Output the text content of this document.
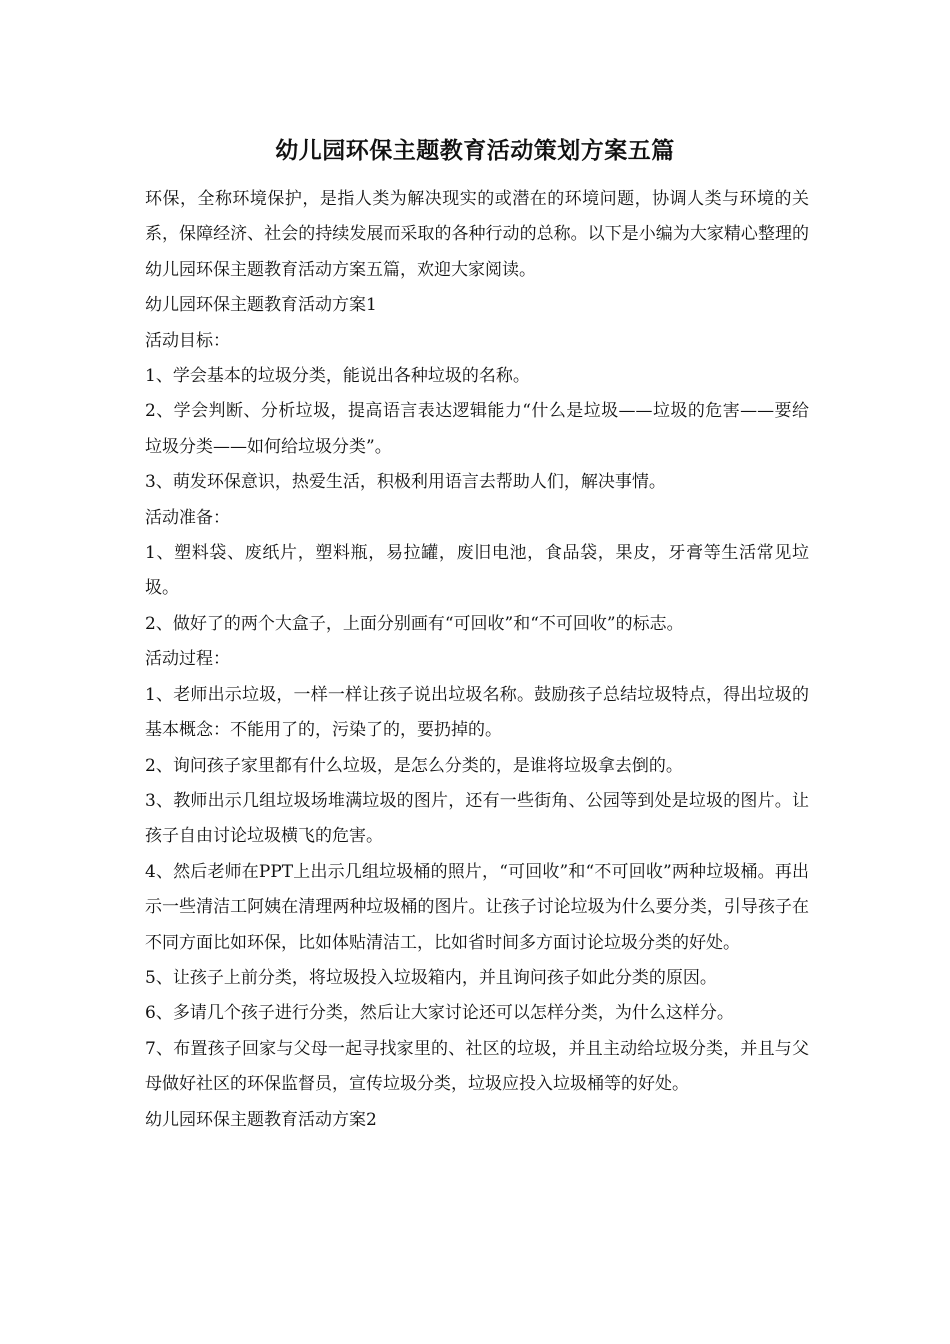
幼儿园环保主题教育活动策划方案五篇

环保，全称环境保护，是指人类为解决现实的或潜在的环境问题，协调人类与环境的关系，保障经济、社会的持续发展而采取的各种行动的总称。以下是小编为大家精心整理的幼儿园环保主题教育活动方案五篇，欢迎大家阅读。

幼儿园环保主题教育活动方案1

活动目标：

1、学会基本的垃圾分类，能说出各种垃圾的名称。

2、学会判断、分析垃圾，提高语言表达逻辑能力“什么是垃圾——垃圾的危害——要给垃圾分类——如何给垃圾分类”。

3、萌发环保意识，热爱生活，积极利用语言去帮助人们，解决事情。

活动准备：

1、塑料袋、废纸片，塑料瓶，易拉罐，废旧电池，食品袋，果皮，牙膏等生活常见垃圾。

2、做好了的两个大盒子，上面分别画有“可回收”和“不可回收”的标志。

活动过程：

1、老师出示垃圾，一样一样让孩子说出垃圾名称。鼓励孩子总结垃圾特点，得出垃圾的基本概念：不能用了的，污染了的，要扔掉的。

2、询问孩子家里都有什么垃圾，是怎么分类的，是谁将垃圾拿去倒的。

3、教师出示几组垃圾场堆满垃圾的图片，还有一些街角、公园等到处是垃圾的图片。让孩子自由讨论垃圾横飞的危害。

4、然后老师在PPT上出示几组垃圾桶的照片，“可回收”和“不可回收”两种垃圾桶。再出示一些清洁工阿姨在清理两种垃圾桶的图片。让孩子讨论垃圾为什么要分类，引导孩子在不同方面比如环保，比如体贴清洁工，比如省时间多方面讨论垃圾分类的好处。

5、让孩子上前分类，将垃圾投入垃圾箱内，并且询问孩子如此分类的原因。

6、多请几个孩子进行分类，然后让大家讨论还可以怎样分类，为什么这样分。

7、布置孩子回家与父母一起寻找家里的、社区的垃圾，并且主动给垃圾分类，并且与父母做好社区的环保监督员，宣传垃圾分类，垃圾应投入垃圾桶等的好处。

幼儿园环保主题教育活动方案2
